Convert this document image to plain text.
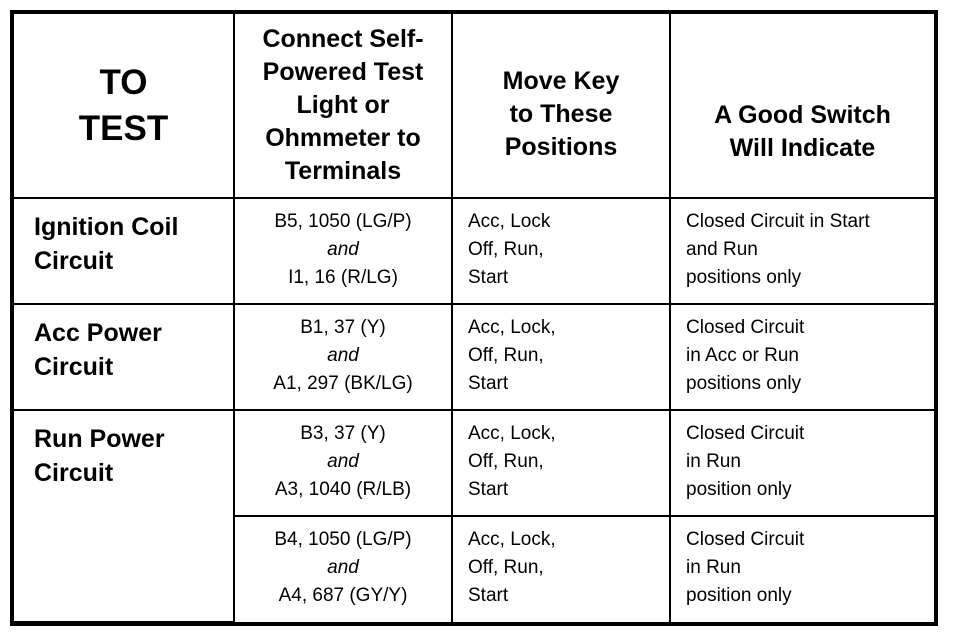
TO
TEST	Connect Self-
Powered Test
Light or
Ohmmeter to
Terminals	Move Key
to These
Positions	A Good Switch
Will Indicate

Ignition Coil
Circuit	B5, 1050 (LG/P)
and
I1, 16 (R/LG)	Acc, Lock
Off, Run,
Start	Closed Circuit in Start
and Run
positions only

Acc Power
Circuit	B1, 37 (Y)
and
A1, 297 (BK/LG)	Acc, Lock,
Off, Run,
Start	Closed Circuit
in Acc or Run
positions only

Run Power
Circuit	B3, 37 (Y)
and
A3, 1040 (R/LB)	Acc, Lock,
Off, Run,
Start	Closed Circuit
in Run
position only

	B4, 1050 (LG/P)
and
A4, 687 (GY/Y)	Acc, Lock,
Off, Run,
Start	Closed Circuit
in Run
position only
